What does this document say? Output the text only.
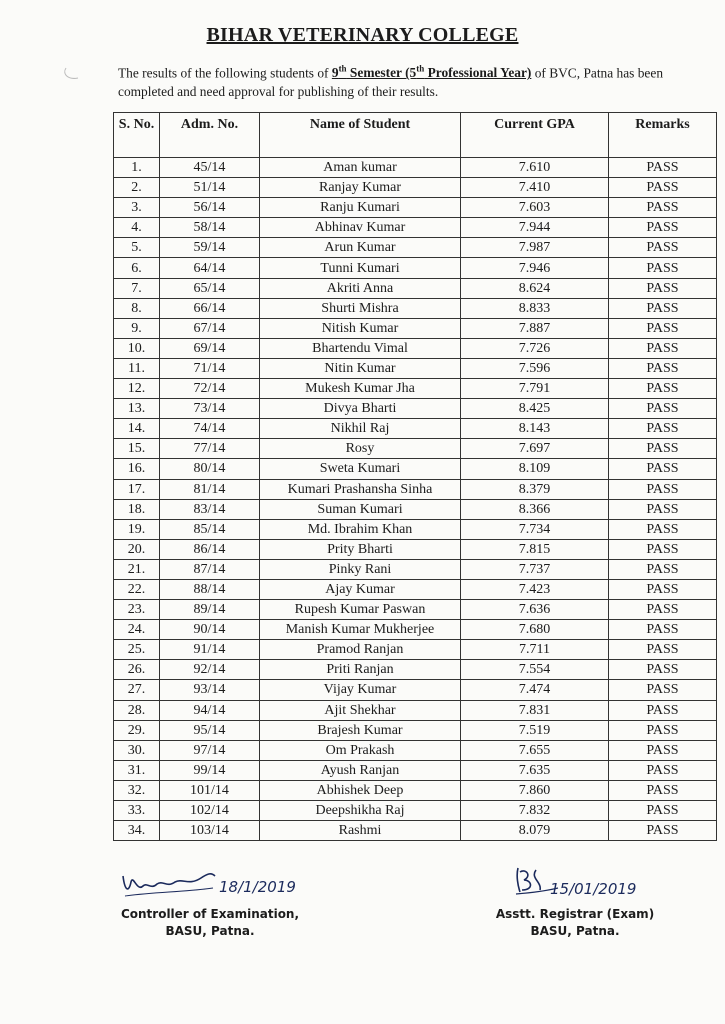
BIHAR VETERINARY COLLEGE
The results of the following students of 9th Semester (5th Professional Year) of BVC, Patna has been completed and need approval for publishing of their results.
S. No.	Adm. No.	Name of Student	Current GPA	Remarks
1.	45/14	Aman kumar	7.610	PASS
2.	51/14	Ranjay Kumar	7.410	PASS
3.	56/14	Ranju Kumari	7.603	PASS
4.	58/14	Abhinav Kumar	7.944	PASS
5.	59/14	Arun Kumar	7.987	PASS
6.	64/14	Tunni Kumari	7.946	PASS
7.	65/14	Akriti Anna	8.624	PASS
8.	66/14	Shurti Mishra	8.833	PASS
9.	67/14	Nitish Kumar	7.887	PASS
10.	69/14	Bhartendu Vimal	7.726	PASS
11.	71/14	Nitin Kumar	7.596	PASS
12.	72/14	Mukesh Kumar Jha	7.791	PASS
13.	73/14	Divya Bharti	8.425	PASS
14.	74/14	Nikhil Raj	8.143	PASS
15.	77/14	Rosy	7.697	PASS
16.	80/14	Sweta Kumari	8.109	PASS
17.	81/14	Kumari Prashansha Sinha	8.379	PASS
18.	83/14	Suman Kumari	8.366	PASS
19.	85/14	Md. Ibrahim Khan	7.734	PASS
20.	86/14	Prity Bharti	7.815	PASS
21.	87/14	Pinky Rani	7.737	PASS
22.	88/14	Ajay Kumar	7.423	PASS
23.	89/14	Rupesh Kumar Paswan	7.636	PASS
24.	90/14	Manish Kumar Mukherjee	7.680	PASS
25.	91/14	Pramod Ranjan	7.711	PASS
26.	92/14	Priti Ranjan	7.554	PASS
27.	93/14	Vijay Kumar	7.474	PASS
28.	94/14	Ajit Shekhar	7.831	PASS
29.	95/14	Brajesh Kumar	7.519	PASS
30.	97/14	Om Prakash	7.655	PASS
31.	99/14	Ayush Ranjan	7.635	PASS
32.	101/14	Abhishek Deep	7.860	PASS
33.	102/14	Deepshikha Raj	7.832	PASS
34.	103/14	Rashmi	8.079	PASS
18/1/2019
Controller of Examination,
BASU, Patna.
15/01/2019
Asstt. Registrar (Exam)
BASU, Patna.
